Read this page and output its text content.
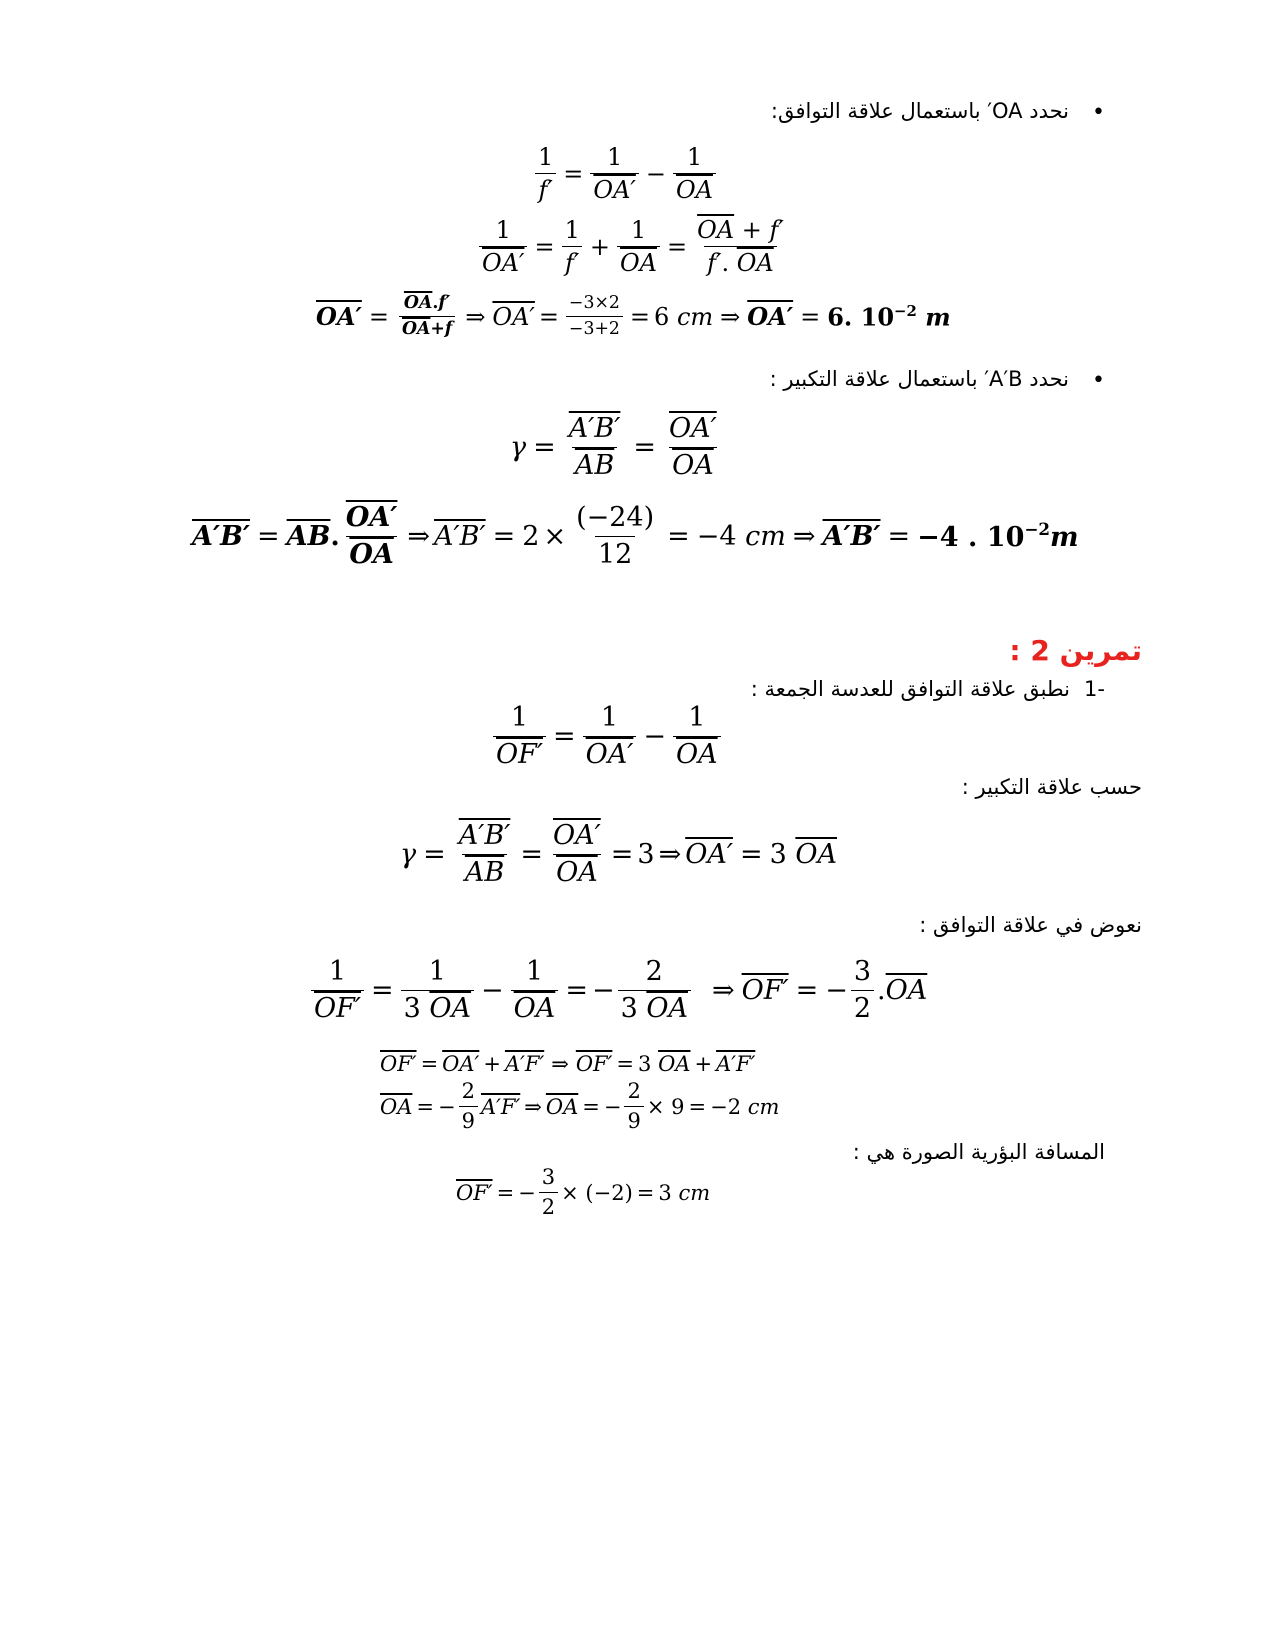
•
نحدد OA′ باستعمال علاقة التوافق:
$\frac{1}{f'} = \frac{1}{OA'} - \frac{1}{OA}$
$\frac{1}{OA'} = \frac{1}{f'} + \frac{1}{OA} = \frac{\overline{OA} + f'}{f'. \overline{OA}}$
$OA' = \frac{\overline{OA}.f'}{\overline{OA}+f}$ ⇒ $OA' = \frac{-3\times 2}{-3+2} = 6$
cm ⇒ OA′ = 6. $10^{-2}$ m
•
نحدد A′B′ باستعمال علاقة التكبير :
$\gamma = \frac{A'B'}{AB} = \frac{OA'}{OA}$
$A'B' = \overline{AB}$ . $\frac{OA'}{OA}$ ⇒ $A'B' = 2 \times \frac{(-24)}{12} = -4$
cm ⇒ A′B′ = −4 . $10^{-2}m$
تمرين 2 :
-1
نطبق علاقة التوافق للعدسة الجمعة :
$\frac{1}{OF'} = \frac{1}{OA'} - \frac{1}{OA}$
حسب علاقة التكبير :
$\gamma = \frac{A'B'}{AB} = \frac{OA'}{OA} = 3$ ⇒ OA′ = 3
$\overline{OA}$
نعوض في علاقة التوافق :
$\frac{1}{OF'} = \frac{1}{3 \overline{OA}} - \frac{1}{OA}$ = − $\frac{2}{3 \overline{OA}}$ ⇒ OF′ = − $\frac{3}{2}$ . $\overline{OA}$
OF′ = OA′ + A′F′ ⇒ OF′ = 3
$\overline{OA} + A'F'$
$\overline{OA}$ = − $\frac{2}{9} A'F'$ ⇒ $\overline{OA}$ = − $\frac{2}{9} \times 9 = -2$
cm
المسافة البؤرية الصورة هي :
OF′ = − $\frac{3}{2} \times (-2) = 3$
cm
